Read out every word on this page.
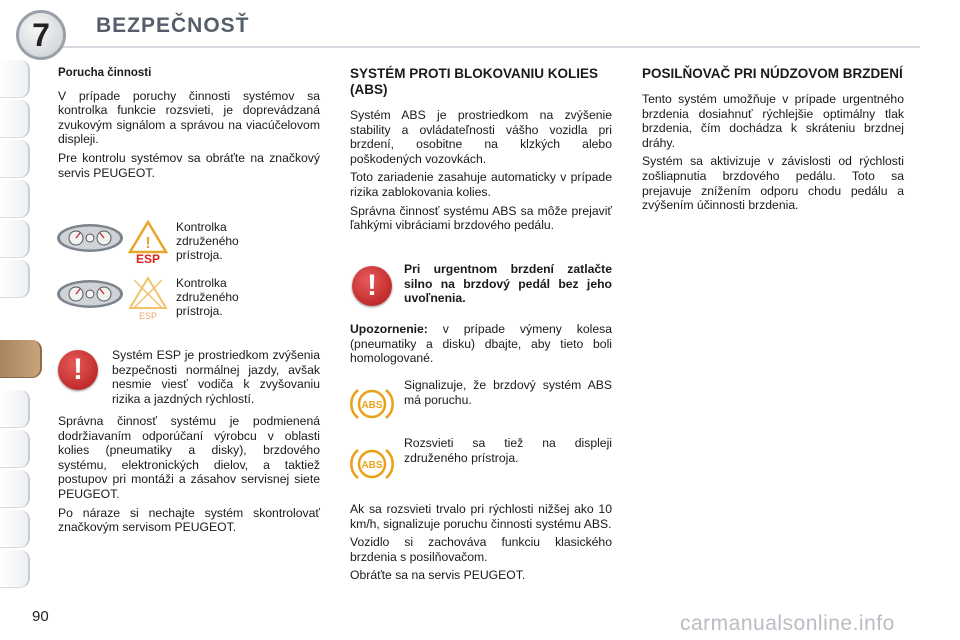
7	BEZPEČNOSŤ
Porucha činnosti

V prípade poruchy činnosti systémov sa kontrolka funkcie rozsvieti, je doprevádzaná zvukovým signálom a správou na viacúčelovom displeji.

Pre kontrolu systémov sa obráťte na značkový servis PEUGEOT.

!
ESP
Kontrolka združeného prístroja.
ESP
Kontrolka združeného prístroja.
!	Systém ESP je prostriedkom zvýšenia bezpečnosti normálnej jazdy, avšak nesmie viesť vodiča k zvyšovaniu rizika a jazdných rýchlostí.

Správna činnosť systému je podmienená dodržiavaním odporúčaní výrobcu v oblasti kolies (pneumatiky a disky), brzdového systému, elektronických dielov, a taktiež postupov pri montáži a zásahov servisnej siete PEUGEOT.

Po náraze si nechajte systém skontrolovať značkovým servisom PEUGEOT.

SYSTÉM PROTI BLOKOVANIU KOLIES (ABS)

Systém ABS je prostriedkom na zvýšenie stability a ovládateľnosti vášho vozidla pri brzdení, osobitne na klzkých alebo poškodených vozovkách.

Toto zariadenie zasahuje automaticky v prípade rizika zablokovania kolies.

Správna činnosť systému ABS sa môže prejaviť ľahkými vibráciami brzdového pedálu.

!	Pri urgentnom brzdení zatlačte silno na brzdový pedál bez jeho uvoľnenia.
Upozornenie: v prípade výmeny kolesa (pneumatiky a disku) dbajte, aby tieto boli homologované.
ABS
Signalizuje, že brzdový systém ABS má poruchu.
ABS
Rozsvieti sa tiež na displeji združeného prístroja.

Ak sa rozsvieti trvalo pri rýchlosti nižšej ako 10 km/h, signalizuje poruchu činnosti systému ABS.

Vozidlo si zachováva funkciu klasického brzdenia s posilňovačom.

Obráťte sa na servis PEUGEOT.

POSILŇOVAČ PRI NÚDZOVOM BRZDENÍ

Tento systém umožňuje v prípade urgentného brzdenia dosiahnuť rýchlejšie optimálny tlak brzdenia, čím dochádza k skráteniu brzdnej dráhy.

Systém sa aktivizuje v závislosti od rýchlosti zošliapnutia brzdového pedálu. Toto sa prejavuje znížením odporu chodu pedálu a zvýšením účinnosti brzdenia.

90	carmanualsonline.info
